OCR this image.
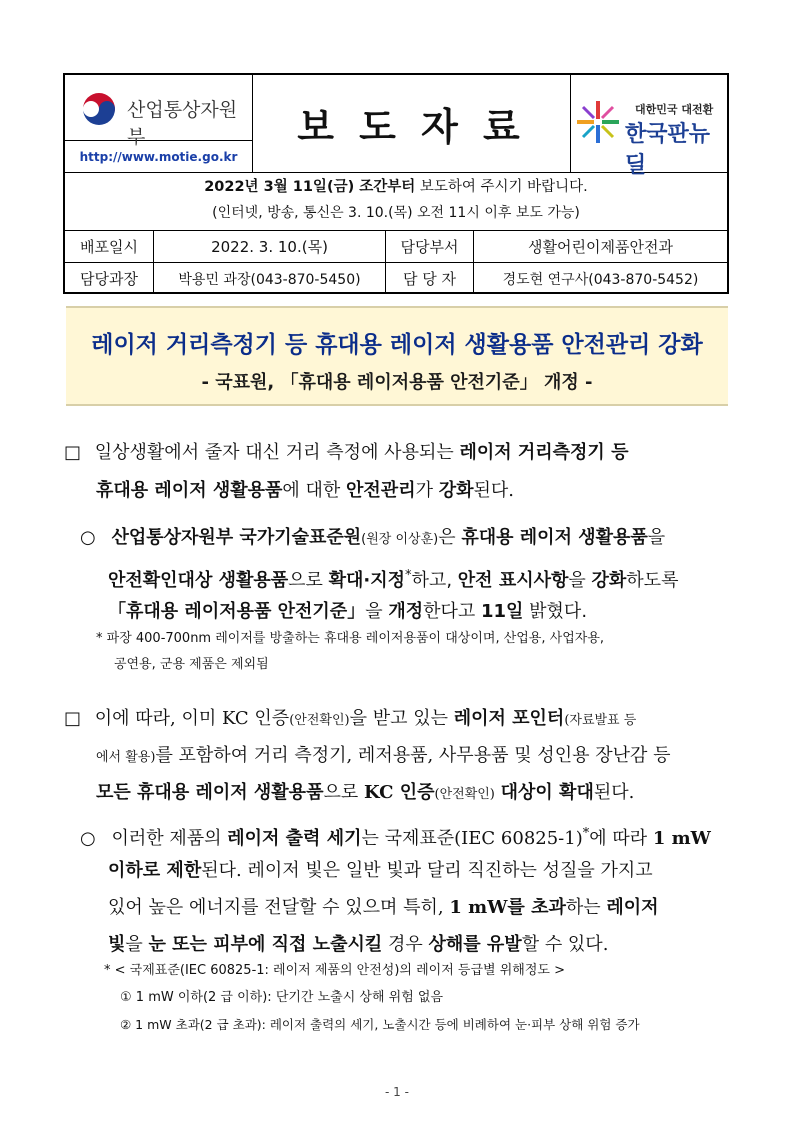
산업통상자원부
http://www.motie.go.kr
보 도 자 료	대한민국 대전환
한국판뉴딜
2022년 3월 11일(금) 조간부터 보도하여 주시기 바랍니다.
(인터넷, 방송, 통신은 3. 10.(목) 오전 11시 이후 보도 가능)
배포일시	2022. 3. 10.(목)	담당부서	생활어린이제품안전과
담당과장	박용민 과장(043-870-5450)	담 당 자	경도현 연구사(043-870-5452)
레이저 거리측정기 등 휴대용 레이저 생활용품 안전관리 강화
- 국표원, 「휴대용 레이저용품 안전기준」 개정 -
□ 일상생활에서 줄자 대신 거리 측정에 사용되는 레이저 거리측정기 등
휴대용 레이저 생활용품에 대한 안전관리가 강화된다.
○ 산업통상자원부 국가기술표준원(원장 이상훈)은 휴대용 레이저 생활용품을
안전확인대상 생활용품으로 확대·지정*하고, 안전 표시사항을 강화하도록
「휴대용 레이저용품 안전기준」을 개정한다고 11일 밝혔다.
* 파장 400-700nm 레이저를 방출하는 휴대용 레이저용품이 대상이며, 산업용, 사업자용,
공연용, 군용 제품은 제외됨
□ 이에 따라, 이미 KC 인증(안전확인)을 받고 있는 레이저 포인터(자료발표 등
에서 활용)를 포함하여 거리 측정기, 레저용품, 사무용품 및 성인용 장난감 등
모든 휴대용 레이저 생활용품으로 KC 인증(안전확인) 대상이 확대된다.
○ 이러한 제품의 레이저 출력 세기는 국제표준(IEC 60825-1)*에 따라 1 mW
이하로 제한된다. 레이저 빛은 일반 빛과 달리 직진하는 성질을 가지고
있어 높은 에너지를 전달할 수 있으며 특히, 1 mW를 초과하는 레이저
빛을 눈 또는 피부에 직접 노출시킬 경우 상해를 유발할 수 있다.
* < 국제표준(IEC 60825-1: 레이저 제품의 안전성)의 레이저 등급별 위해정도 >
① 1 mW 이하(2 급 이하): 단기간 노출시 상해 위험 없음
② 1 mW 초과(2 급 초과): 레이저 출력의 세기, 노출시간 등에 비례하여 눈·피부 상해 위험 증가
- 1 -
